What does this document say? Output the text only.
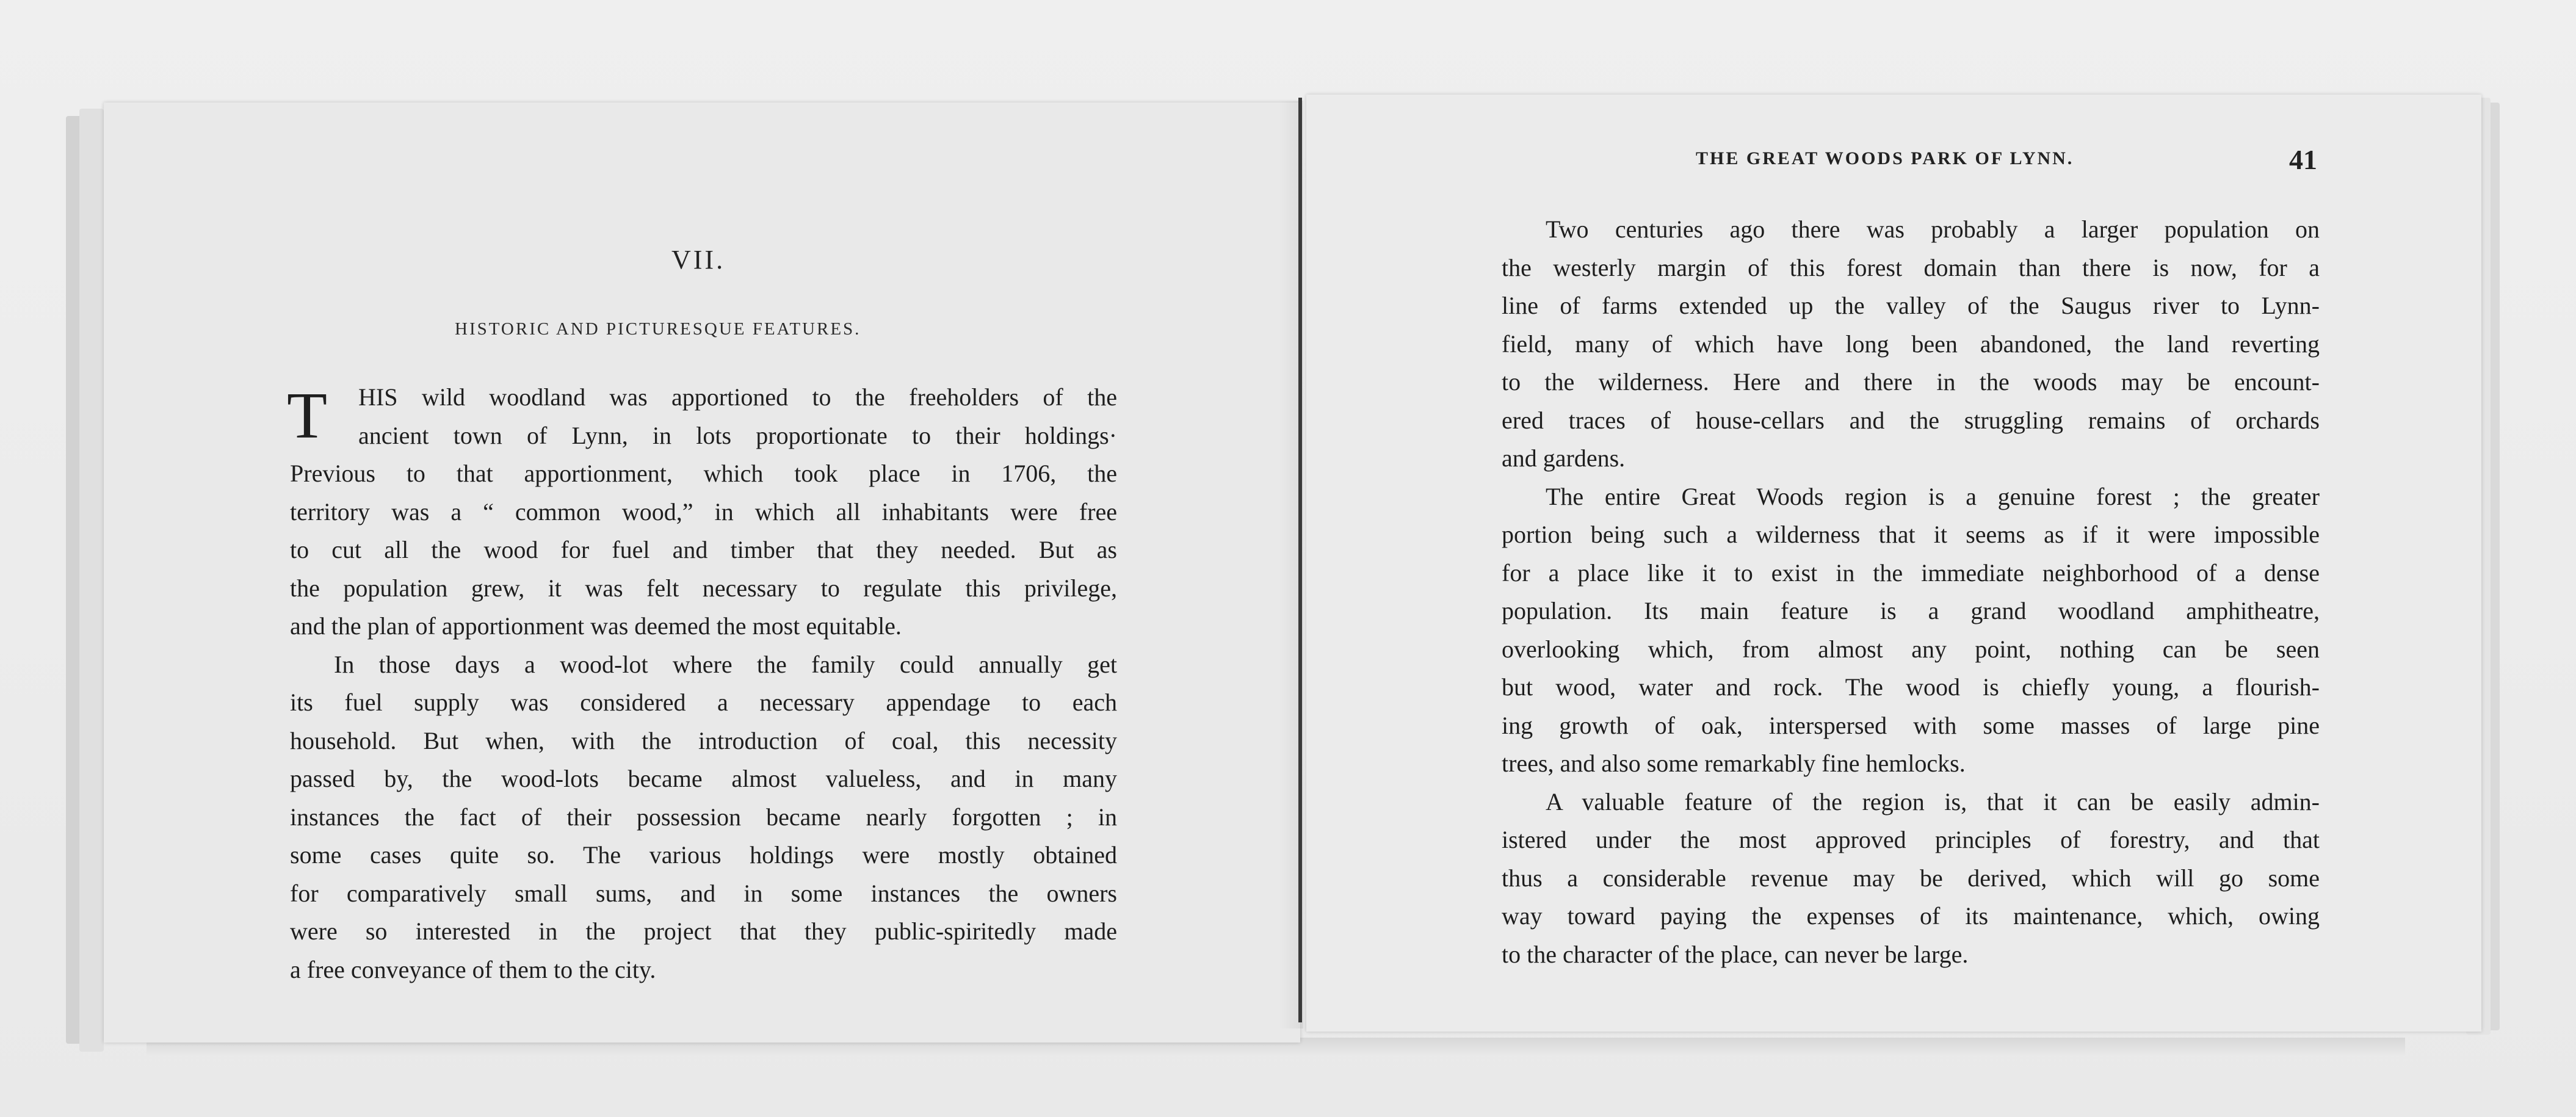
VII.
HISTORIC AND PICTURESQUE FEATURES.
T	HIS wild woodland was apportioned to the freeholders of the
ancient town of Lynn, in lots proportionate to their holdings·
Previous to that apportionment, which took place in 1706, the
territory was a “ common wood,” in which all inhabitants were free
to cut all the wood for fuel and timber that they needed. But as
the population grew, it was felt necessary to regulate this privilege,
and the plan of apportionment was deemed the most equitable.

In those days a wood-lot where the family could annually get
its fuel supply was considered a necessary appendage to each
household. But when, with the introduction of coal, this necessity
passed by, the wood-lots became almost valueless, and in many
instances the fact of their possession became nearly forgotten ; in
some cases quite so. The various holdings were mostly obtained
for comparatively small sums, and in some instances the owners
were so interested in the project that they public-spiritedly made
a free conveyance of them to the city.

THE GREAT WOODS PARK OF LYNN.	41

Two centuries ago there was probably a larger population on
the westerly margin of this forest domain than there is now, for a
line of farms extended up the valley of the Saugus river to Lynn-
field, many of which have long been abandoned, the land reverting
to the wilderness. Here and there in the woods may be encount-
ered traces of house-cellars and the struggling remains of orchards
and gardens.

The entire Great Woods region is a genuine forest ; the greater
portion being such a wilderness that it seems as if it were impossible
for a place like it to exist in the immediate neighborhood of a dense
population. Its main feature is a grand woodland amphitheatre,
overlooking which, from almost any point, nothing can be seen
but wood, water and rock. The wood is chiefly young, a flourish-
ing growth of oak, interspersed with some masses of large pine
trees, and also some remarkably fine hemlocks.

A valuable feature of the region is, that it can be easily admin-
istered under the most approved principles of forestry, and that
thus a considerable revenue may be derived, which will go some
way toward paying the expenses of its maintenance, which, owing
to the character of the place, can never be large.
